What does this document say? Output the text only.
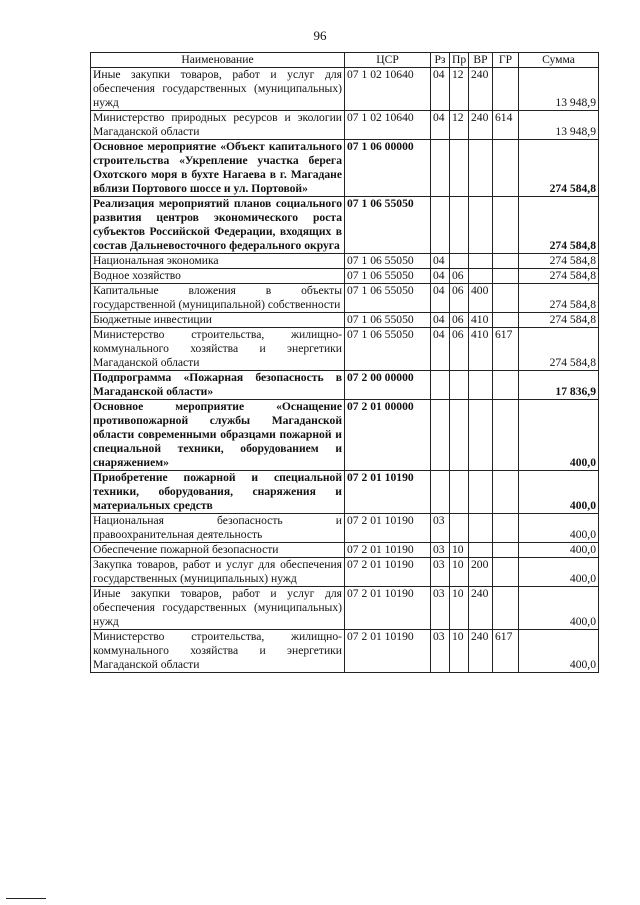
96
Наименование	ЦСР	Рз	Пр	ВР	ГР	Сумма
Иные закупки товаров, работ и услуг для обеспечения государственных (муниципальных) нужд	07 1 02 10640	04	12	240		13 948,9
Министерство природных ресурсов и экологии Магаданской области	07 1 02 10640	04	12	240	614	13 948,9
Основное мероприятие «Объект капитального строительства «Укрепление участка берега Охотского моря в бухте Нагаева в г. Магадане вблизи Портового шоссе и ул. Портовой»	07 1 06 00000					274 584,8
Реализация мероприятий планов социального развития центров экономического роста субъектов Российской Федерации, входящих в состав Дальневосточного федерального округа	07 1 06 55050					274 584,8
Национальная экономика	07 1 06 55050	04				274 584,8
Водное хозяйство	07 1 06 55050	04	06			274 584,8
Капитальные вложения в объекты государственной (муниципальной) собственности	07 1 06 55050	04	06	400		274 584,8
Бюджетные инвестиции	07 1 06 55050	04	06	410		274 584,8
Министерство строительства, жилищно-коммунального хозяйства и энергетики Магаданской области	07 1 06 55050	04	06	410	617	274 584,8
Подпрограмма «Пожарная безопасность в Магаданской области»	07 2 00 00000					17 836,9
Основное мероприятие «Оснащение противопожарной службы Магаданской области современными образцами пожарной и специальной техники, оборудованием и снаряжением»	07 2 01 00000					400,0
Приобретение пожарной и специальной техники, оборудования, снаряжения и материальных средств	07 2 01 10190					400,0
Национальная безопасность и правоохранительная деятельность	07 2 01 10190	03				400,0
Обеспечение пожарной безопасности	07 2 01 10190	03	10			400,0
Закупка товаров, работ и услуг для обеспечения государственных (муниципальных) нужд	07 2 01 10190	03	10	200		400,0
Иные закупки товаров, работ и услуг для обеспечения государственных (муниципальных) нужд	07 2 01 10190	03	10	240		400,0
Министерство строительства, жилищно-коммунального хозяйства и энергетики Магаданской области	07 2 01 10190	03	10	240	617	400,0
